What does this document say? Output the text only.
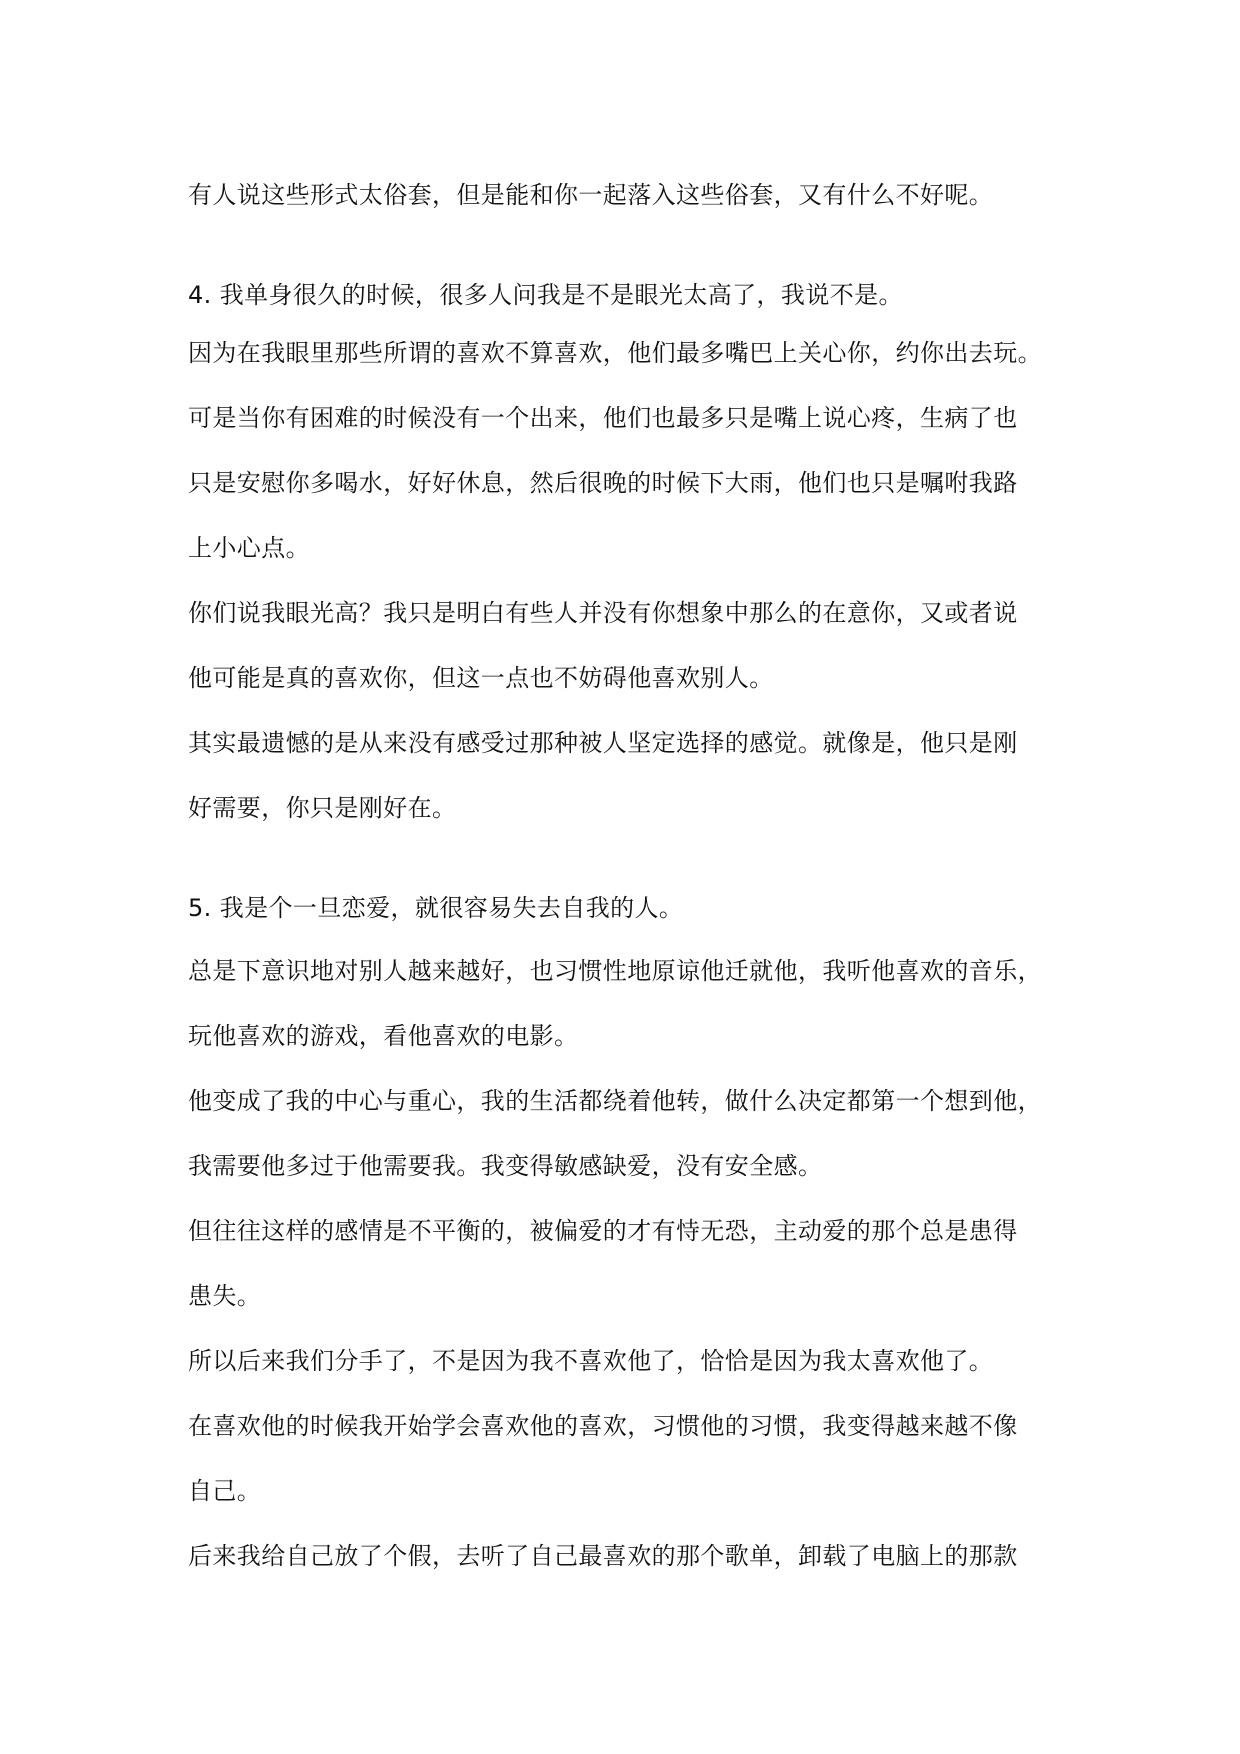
有人说这些形式太俗套，但是能和你一起落入这些俗套，又有什么不好呢。
4. 我单身很久的时候，很多人问我是不是眼光太高了，我说不是。
因为在我眼里那些所谓的喜欢不算喜欢，他们最多嘴巴上关心你，约你出去玩。
可是当你有困难的时候没有一个出来，他们也最多只是嘴上说心疼，生病了也
只是安慰你多喝水，好好休息，然后很晚的时候下大雨，他们也只是嘱咐我路
上小心点。
你们说我眼光高？我只是明白有些人并没有你想象中那么的在意你，又或者说
他可能是真的喜欢你，但这一点也不妨碍他喜欢别人。
其实最遗憾的是从来没有感受过那种被人坚定选择的感觉。就像是，他只是刚
好需要，你只是刚好在。
5. 我是个一旦恋爱，就很容易失去自我的人。
总是下意识地对别人越来越好，也习惯性地原谅他迁就他，我听他喜欢的音乐，
玩他喜欢的游戏，看他喜欢的电影。
他变成了我的中心与重心，我的生活都绕着他转，做什么决定都第一个想到他，
我需要他多过于他需要我。我变得敏感缺爱，没有安全感。
但往往这样的感情是不平衡的，被偏爱的才有恃无恐，主动爱的那个总是患得
患失。
所以后来我们分手了，不是因为我不喜欢他了，恰恰是因为我太喜欢他了。
在喜欢他的时候我开始学会喜欢他的喜欢，习惯他的习惯，我变得越来越不像
自己。
后来我给自己放了个假，去听了自己最喜欢的那个歌单，卸载了电脑上的那款
